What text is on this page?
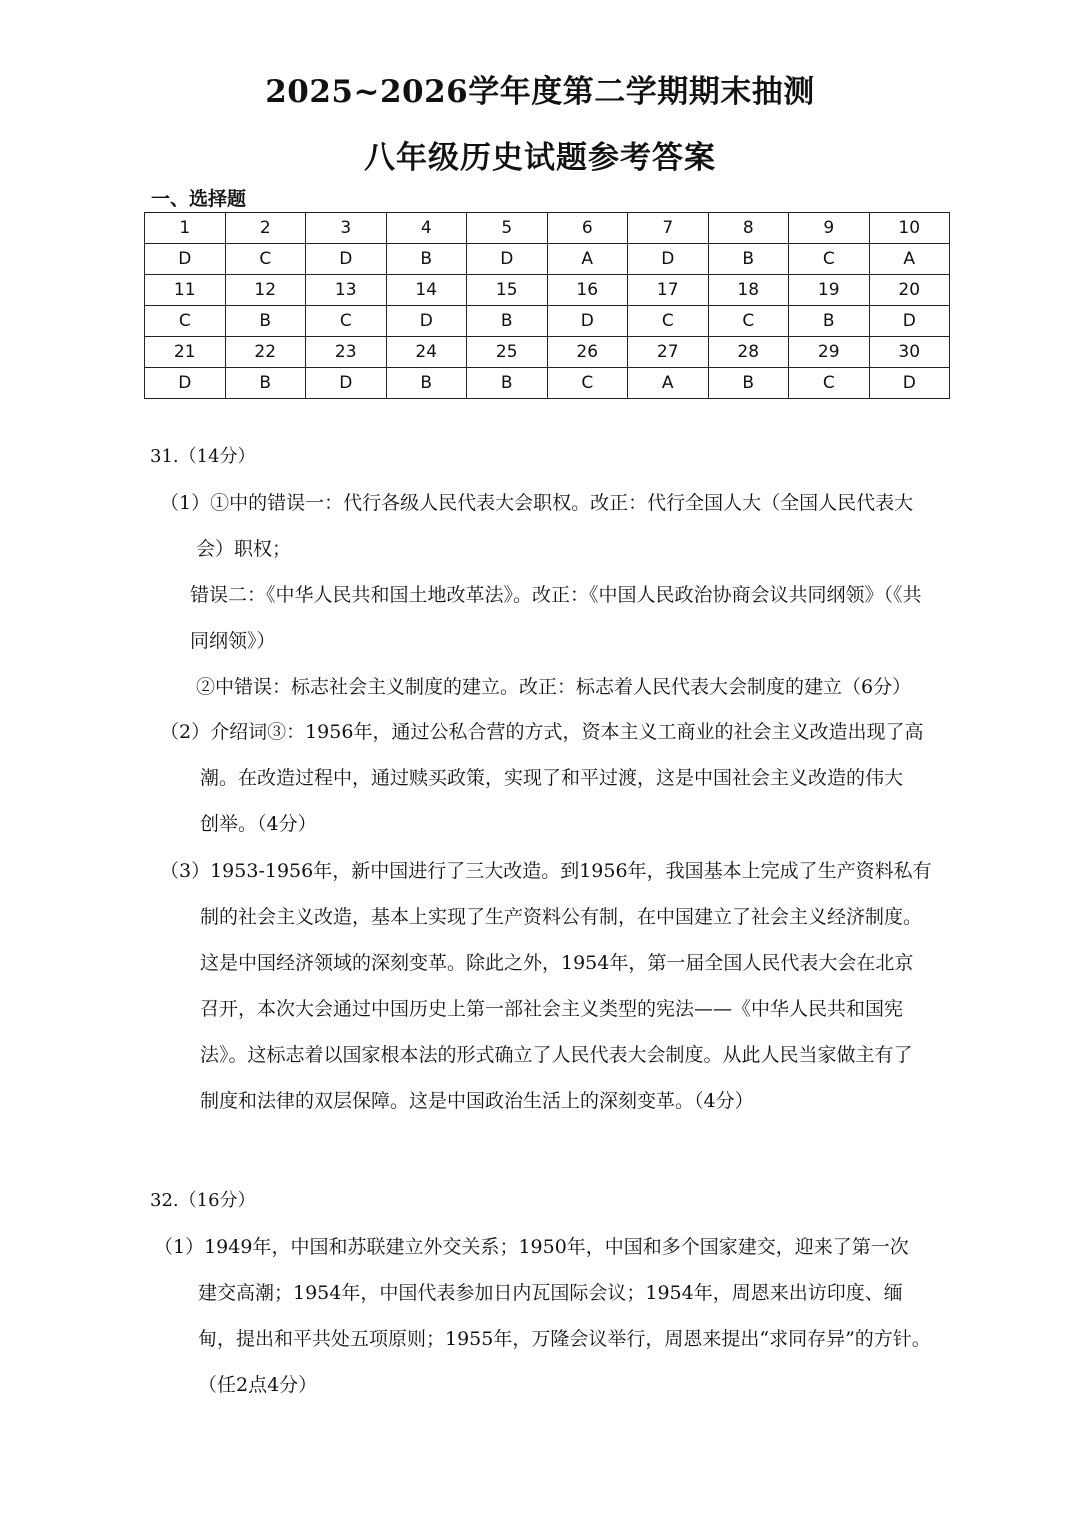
2025~2026学年度第二学期期末抽测
八年级历史试题参考答案
一、选择题
1	2	3	4	5	6	7	8	9	10
D	C	D	B	D	A	D	B	C	A
11	12	13	14	15	16	17	18	19	20
C	B	C	D	B	D	C	C	B	D
21	22	23	24	25	26	27	28	29	30
D	B	D	B	B	C	A	B	C	D
31.（14分）
（1）①中的错误一：代行各级人民代表大会职权。改正：代行全国人大（全国人民代表大
会）职权；
错误二：《中华人民共和国土地改革法》。改正：《中国人民政治协商会议共同纲领》（《共
同纲领》）
②中错误：标志社会主义制度的建立。改正：标志着人民代表大会制度的建立（6分）
（2）介绍词③：1956年，通过公私合营的方式，资本主义工商业的社会主义改造出现了高
潮。在改造过程中，通过赎买政策，实现了和平过渡，这是中国社会主义改造的伟大
创举。（4分）
（3）1953-1956年，新中国进行了三大改造。到1956年，我国基本上完成了生产资料私有
制的社会主义改造，基本上实现了生产资料公有制，在中国建立了社会主义经济制度。
这是中国经济领域的深刻变革。除此之外，1954年，第一届全国人民代表大会在北京
召开，本次大会通过中国历史上第一部社会主义类型的宪法——《中华人民共和国宪
法》。这标志着以国家根本法的形式确立了人民代表大会制度。从此人民当家做主有了
制度和法律的双层保障。这是中国政治生活上的深刻变革。（4分）
32.（16分）
（1）1949年，中国和苏联建立外交关系；1950年，中国和多个国家建交，迎来了第一次
建交高潮；1954年，中国代表参加日内瓦国际会议；1954年，周恩来出访印度、缅
甸，提出和平共处五项原则；1955年，万隆会议举行，周恩来提出“求同存异”的方针。
（任2点4分）
